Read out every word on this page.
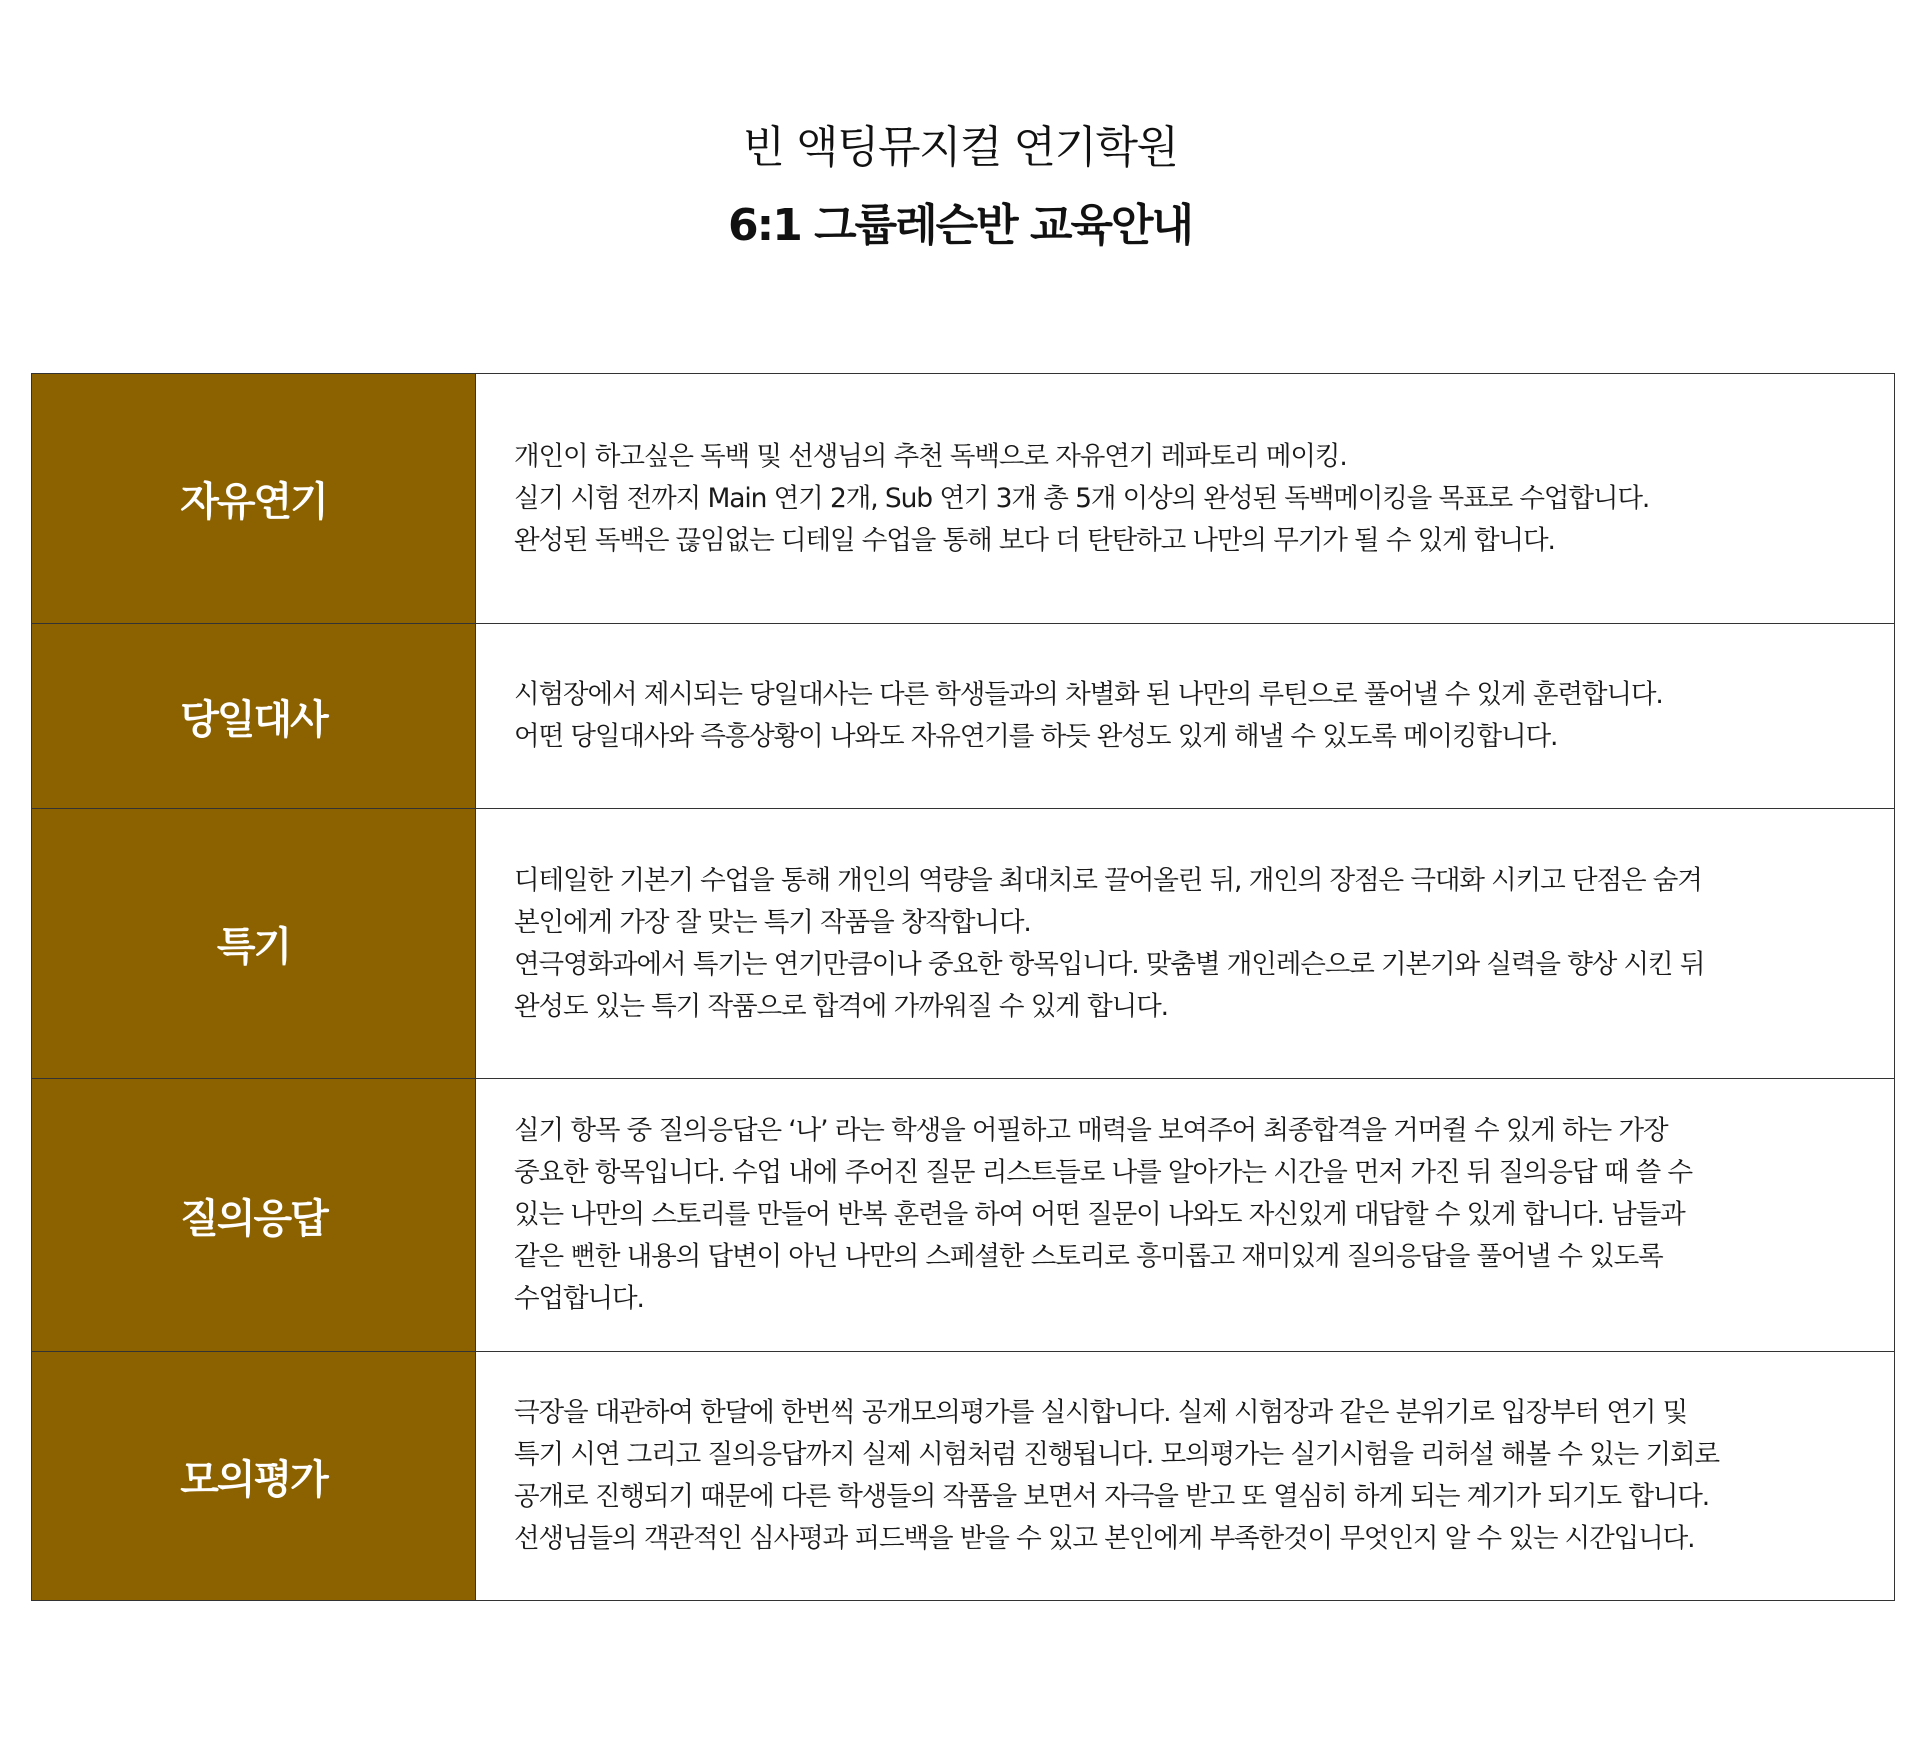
빈 액팅뮤지컬 연기학원

6:1 그룹레슨반 교육안내

자유연기

개인이 하고싶은 독백 및 선생님의 추천 독백으로 자유연기 레파토리 메이킹.

실기 시험 전까지 Main 연기 2개, Sub 연기 3개 총 5개 이상의 완성된 독백메이킹을 목표로 수업합니다.

완성된 독백은 끊임없는 디테일 수업을 통해 보다 더 탄탄하고 나만의 무기가 될 수 있게 합니다.

당일대사

시험장에서 제시되는 당일대사는 다른 학생들과의 차별화 된 나만의 루틴으로 풀어낼 수 있게 훈련합니다.

어떤 당일대사와 즉흥상황이 나와도 자유연기를 하듯 완성도 있게 해낼 수 있도록 메이킹합니다.

특기

디테일한 기본기 수업을 통해 개인의 역량을 최대치로 끌어올린 뒤, 개인의 장점은 극대화 시키고 단점은 숨겨

본인에게 가장 잘 맞는 특기 작품을 창작합니다.

연극영화과에서 특기는 연기만큼이나 중요한 항목입니다. 맞춤별 개인레슨으로 기본기와 실력을 향상 시킨 뒤

완성도 있는 특기 작품으로 합격에 가까워질 수 있게 합니다.

질의응답

실기 항목 중 질의응답은 ‘나’ 라는 학생을 어필하고 매력을 보여주어 최종합격을 거머쥘 수 있게 하는 가장

중요한 항목입니다. 수업 내에 주어진 질문 리스트들로 나를 알아가는 시간을 먼저 가진 뒤 질의응답 때 쓸 수

있는 나만의 스토리를 만들어 반복 훈련을 하여 어떤 질문이 나와도 자신있게 대답할 수 있게 합니다. 남들과

같은 뻔한 내용의 답변이 아닌 나만의 스페셜한 스토리로 흥미롭고 재미있게 질의응답을 풀어낼 수 있도록

수업합니다.

모의평가

극장을 대관하여 한달에 한번씩 공개모의평가를 실시합니다. 실제 시험장과 같은 분위기로 입장부터 연기 및

특기 시연 그리고 질의응답까지 실제 시험처럼 진행됩니다. 모의평가는 실기시험을 리허설 해볼 수 있는 기회로

공개로 진행되기 때문에 다른 학생들의 작품을 보면서 자극을 받고 또 열심히 하게 되는 계기가 되기도 합니다.

선생님들의 객관적인 심사평과 피드백을 받을 수 있고 본인에게 부족한것이 무엇인지 알 수 있는 시간입니다.
